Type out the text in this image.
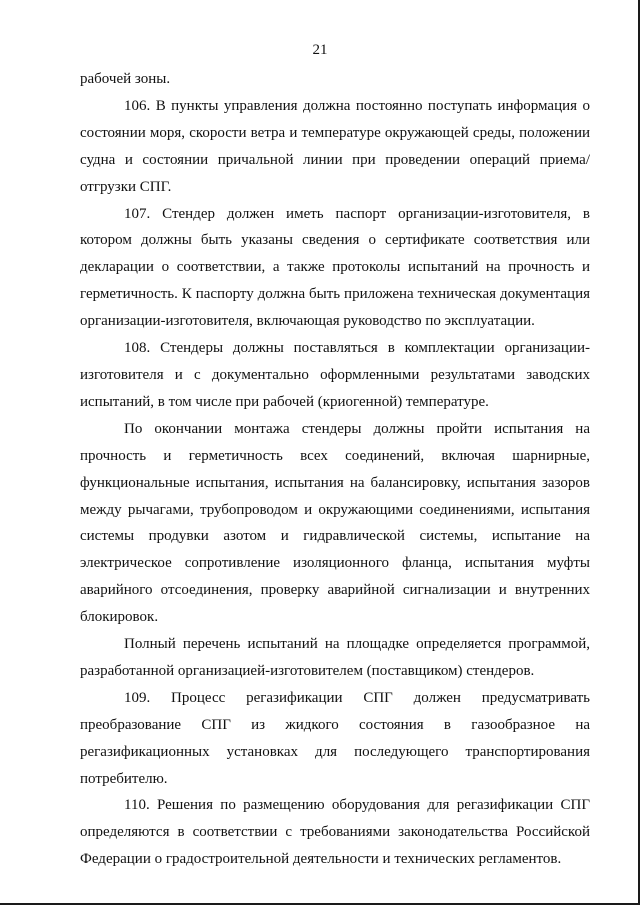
21

рабочей зоны.

106. В пункты управления должна постоянно поступать информация о состоянии моря, скорости ветра и температуре окружающей среды, положении судна и состоянии причальной линии при проведении операций приема/отгрузки СПГ.

107. Стендер должен иметь паспорт организации-изготовителя, в котором должны быть указаны сведения о сертификате соответствия или декларации о соответствии, а также протоколы испытаний на прочность и герметичность. К паспорту должна быть приложена техническая документация организации-изготовителя, включающая руководство по эксплуатации.

108. Стендеры должны поставляться в комплектации организации-изготовителя и с документально оформленными результатами заводских испытаний, в том числе при рабочей (криогенной) температуре.

По окончании монтажа стендеры должны пройти испытания на прочность и герметичность всех соединений, включая шарнирные, функциональные испытания, испытания на балансировку, испытания зазоров между рычагами, трубопроводом и окружающими соединениями, испытания системы продувки азотом и гидравлической системы, испытание на электрическое сопротивление изоляционного фланца, испытания муфты аварийного отсоединения, проверку аварийной сигнализации и внутренних блокировок.

Полный перечень испытаний на площадке определяется программой, разработанной организацией-изготовителем (поставщиком) стендеров.

109. Процесс регазификации СПГ должен предусматривать преобразование СПГ из жидкого состояния в газообразное на регазификационных установках для последующего транспортирования потребителю.

110. Решения по размещению оборудования для регазификации СПГ определяются в соответствии с требованиями законодательства Российской Федерации о градостроительной деятельности и технических регламентов.
